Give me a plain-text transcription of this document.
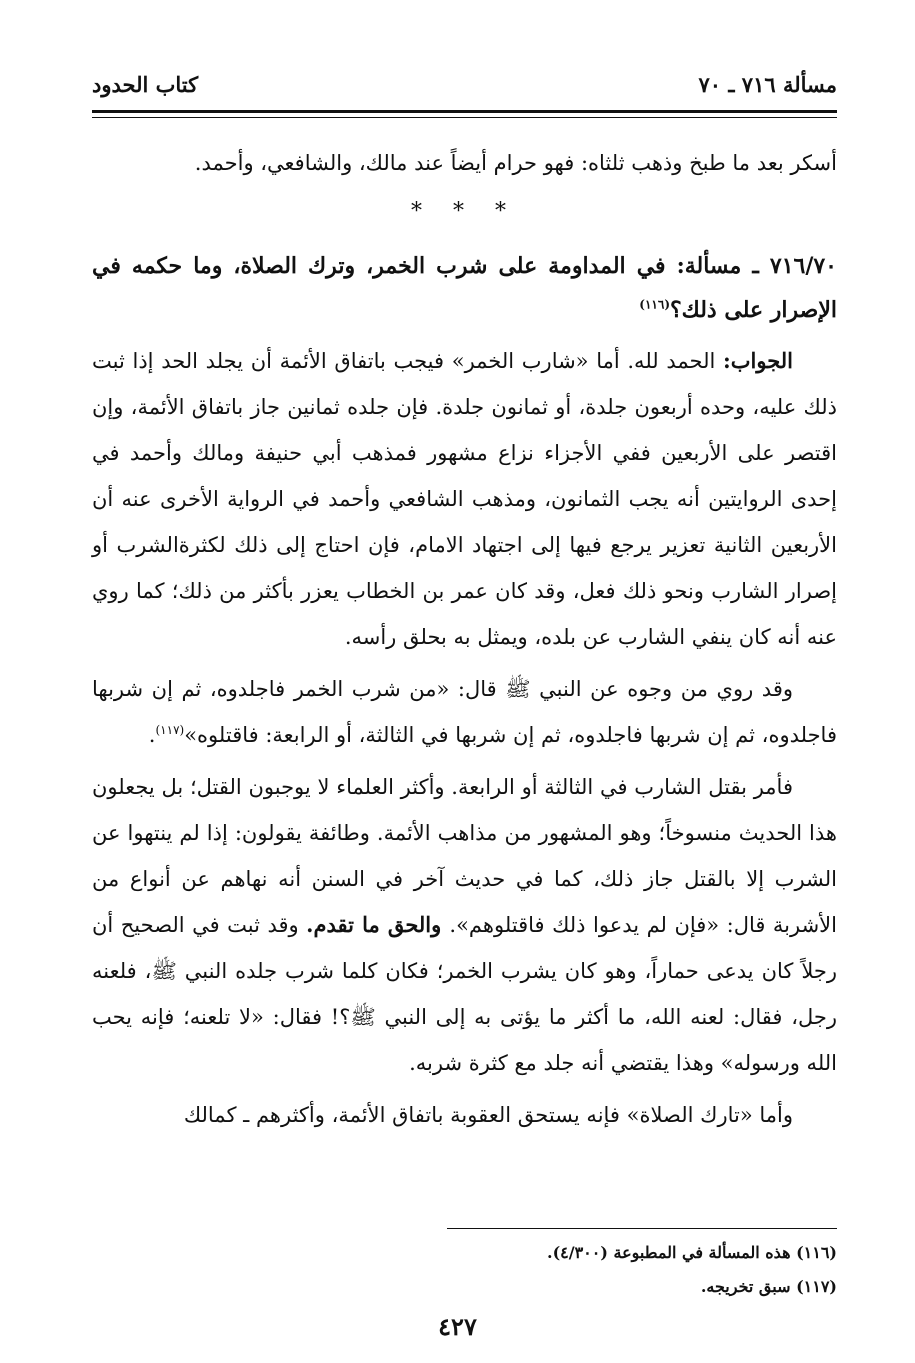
مسألة ٧١٦ ـ ٧٠
كتاب الحدود

أسكر بعد ما طبخ وذهب ثلثاه: فهو حرام أيضاً عند مالك، والشافعي، وأحمد.

* * *

٧١٦/٧٠ ـ مسألة: في المداومة على شرب الخمر، وترك الصلاة، وما حكمه في الإصرار على ذلك؟$^{(١١٦)}$

الجواب: الحمد لله. أما «شارب الخمر» فيجب باتفاق الأئمة أن يجلد الحد إذا ثبت ذلك عليه، وحده أربعون جلدة، أو ثمانون جلدة. فإن جلده ثمانين جاز باتفاق الأئمة، وإن اقتصر على الأربعين ففي الأجزاء نزاع مشهور فمذهب أبي حنيفة ومالك وأحمد في إحدى الروايتين أنه يجب الثمانون، ومذهب الشافعي وأحمد في الرواية الأخرى عنه أن الأربعين الثانية تعزير يرجع فيها إلى اجتهاد الامام، فإن احتاج إلى ذلك لكثرةالشرب أو إصرار الشارب ونحو ذلك فعل، وقد كان عمر بن الخطاب يعزر بأكثر من ذلك؛ كما روي عنه أنه كان ينفي الشارب عن بلده، ويمثل به بحلق رأسه.

وقد روي من وجوه عن النبي ﷺ قال: «من شرب الخمر فاجلدوه، ثم إن شربها فاجلدوه، ثم إن شربها فاجلدوه، ثم إن شربها في الثالثة، أو الرابعة: فاقتلوه»$^{(١١٧)}$.

فأمر بقتل الشارب في الثالثة أو الرابعة. وأكثر العلماء لا يوجبون القتل؛ بل يجعلون هذا الحديث منسوخاً؛ وهو المشهور من مذاهب الأئمة. وطائفة يقولون: إذا لم ينتهوا عن الشرب إلا بالقتل جاز ذلك، كما في حديث آخر في السنن أنه نهاهم عن أنواع من الأشربة قال: «فإن لم يدعوا ذلك فاقتلوهم». والحق ما تقدم. وقد ثبت في الصحيح أن رجلاً كان يدعى حماراً، وهو كان يشرب الخمر؛ فكان كلما شرب جلده النبي ﷺ، فلعنه رجل، فقال: لعنه الله، ما أكثر ما يؤتى به إلى النبي ﷺ؟! فقال: «لا تلعنه؛ فإنه يحب الله ورسوله» وهذا يقتضي أنه جلد مع كثرة شربه.

وأما «تارك الصلاة» فإنه يستحق العقوبة باتفاق الأئمة، وأكثرهم ـ كمالك

(١١٦) هذه المسألة في المطبوعة (٤/٣٠٠).
(١١٧) سبق تخريجه.
٤٢٧
